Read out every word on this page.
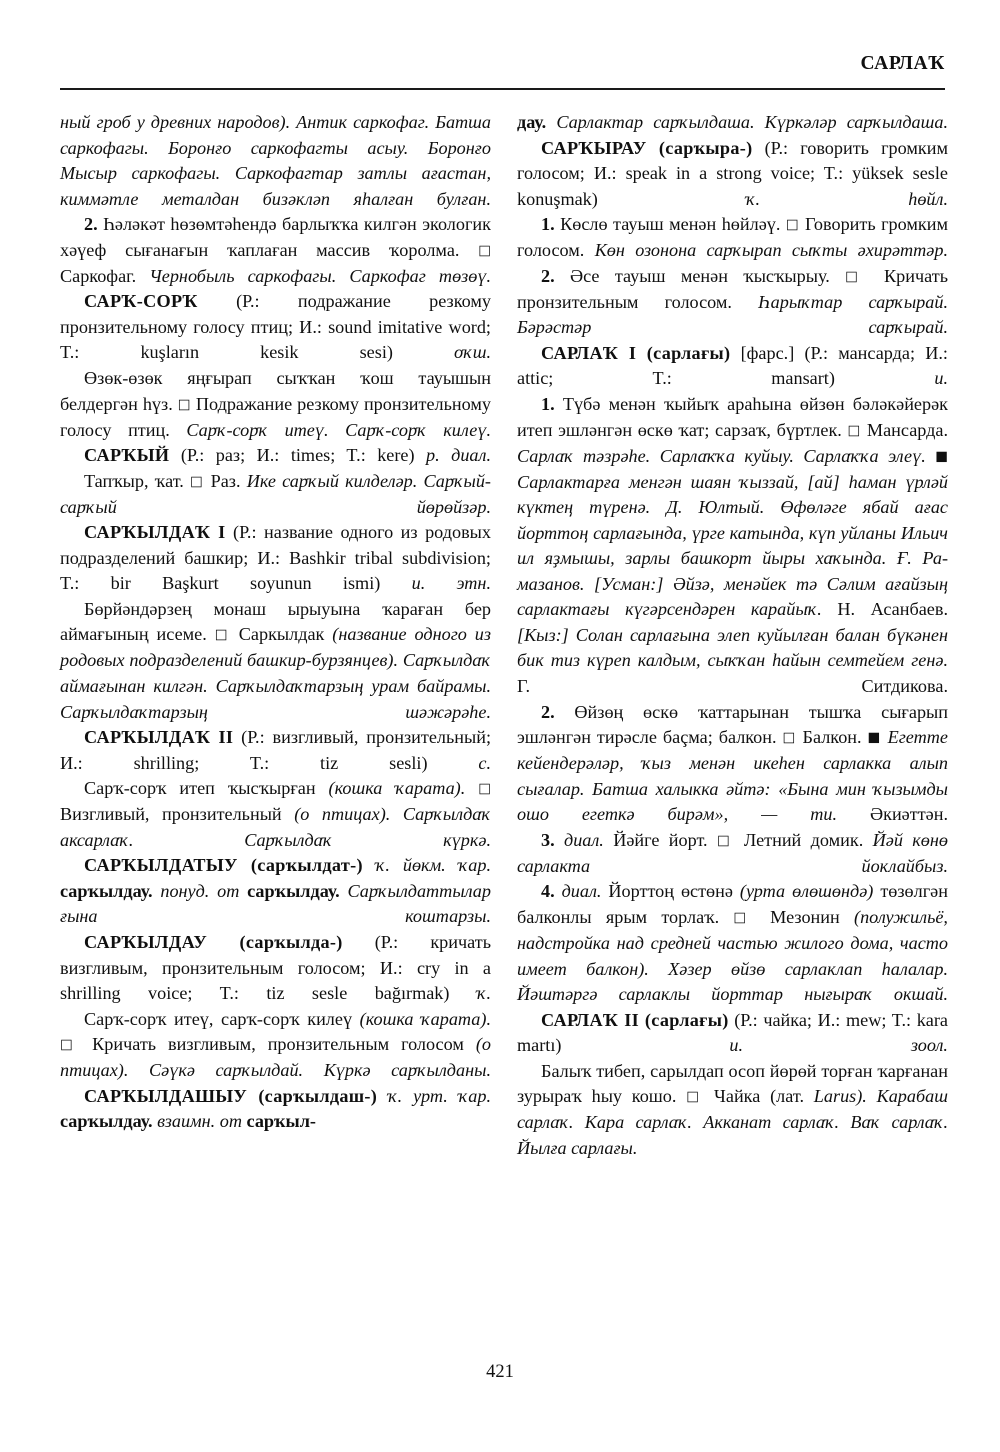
САРЛАҠ

ный гроб у древних народов). Антик саркофаг. Батша саркофагы. Боронғо саркофагты асыу. Боронғо Мысыр саркофагы. Саркофагтар затлы ағастан, киммəтле металдан бизəклəп яһалған булған.

2. Һəлəкəт һөзөмтəһендə барлыҡҡа килгəн экологик хəүеф сығанағын ҡаплаған массив ҡоролма. □ Саркофаг. Чернобыль саркофагы. Саркофаг төзөү.

САРҠ-СОРҠ (Р.: подражание резкому пронзительному голосу птиц; И.: sound imitative word; T.: kuşların kesik sesi) оҡш.

Өзөк-өзөк яңғырап сыҡҡан ҡош тауышын белдергəн һүз. □ Подражание резкому пронзительному голосу птиц. Сарҡ-сорҡ итеү. Сарҡ-сорҡ килеү.

САРҠЫЙ (Р.: раз; И.: times; T.: kere) р. диал.

Тапҡыр, ҡат. □ Раз. Ике сарҡый килделəр. Сарҡый-сарҡый йөрөйзəр.

САРҠЫЛДАҠ I (Р.: название одного из родовых подразделений башкир; И.: Bashkir tribal subdivision; T.: bir Başkurt soyunun ismi) и. этн.

Бөрйəндəрзең монаш ырыуына ҡараған бер аймағының исеме. □ Саркылдак (название одного из родовых подразделений башкир-бурзянцев). Сарҡылдаҡ аймағынан килгəн. Сарҡылдаҡтарзың урам байрамы. Сарҡылдаҡтарзың шəжəрəһе.

САРҠЫЛДАҠ II (Р.: визгливый, пронзительный; И.: shrilling; T.: tiz sesli) с.

Сарҡ-сорҡ итеп ҡысҡырған (кошка ҡарата). □ Визгливый, пронзительный (о птицах). Сарҡылдаҡ аксарлаҡ. Сарҡылдаҡ күркə.

САРҠЫЛДАТЫУ (сарҡылдат-) ҡ. йөкм. ҡар. сарҡылдау. понуд. от сарҡылдау. Сарҡылдаттылар ғына коштарзы.

САРҠЫЛДАУ (сарҡылда-) (Р.: кричать визгливым, пронзительным голосом; И.: cry in a shrilling voice; T.: tiz sesle bağırmak) ҡ.

Сарҡ-сорҡ итеү, сарҡ-сорҡ килеү (кошка ҡарата). □ Кричать визгливым, пронзительным голосом (о птицах). Сəүкə сарҡылдай. Күркə сарҡылданы.

САРҠЫЛДАШЫУ (сарҡылдаш-) ҡ. урт. ҡар. сарҡылдау. взаимн. от сарҡыл-

дау. Сарлактар сарҡылдаша. Күркəлəр сарҡылдаша.

САРҠЫРАУ (сарҡыра-) (Р.: говорить громким голосом; И.: speak in a strong voice; T.: yüksek sesle konuşmak) ҡ. һөйл.

1. Көслө тауыш менəн һөйлəү. □ Говорить громким голосом. Көн озонона сарҡырап сыҡты əхирəттəр.

2. Əсе тауыш менəн ҡысҡырыу. □ Кричать пронзительным голосом. Һарыҡтар сарҡырай. Бəрəстəр сарҡырай.

САРЛАҠ I (сарлағы) [фарс.] (Р.: мансарда; И.: attic; T.: mansart) и.

1. Түбə менəн ҡыйыҡ араһына өйзөн бəлəкəйерəк итеп эшлəнгəн өскө ҡат; сарзаҡ, бүртлек. □ Мансарда. Сарлаҡ тəзрəһе. Сарлаҡҡа куйыу. Сарлаҡҡа элеү. ■ Сарлактарға менгəн шаян ҡыззай, [ай] һаман үрлəй күктең түренə. Д. Юлтый. Өфөлəге ябай ағас йорттоң сарлағында, үрге катында, күп уйланы Ильич ил яҙмышы, зарлы башкорт йыры хаҡында. Ғ. Рамазанов. [Усман:] Əйзə, менəйек тə Сəлим ағайзың сарлактағы күгəрсендəрен карайыҡ. Н. Асанбаев. [Кыз:] Солан сарлағына элеп куйылған балан бүкəнен бик тиз күреп калдым, сыҡҡан һайын семтейем генə. Г. Ситдикова.

2. Өйзөң өскө ҡаттарынан тышҡа сығарып эшлəнгəн тирəсле баçма; балкон. □ Балкон. ■ Егетте кейендерəлəр, ҡыз менəн икеһен сарлакка алып сығалар. Батша халыкка əйтə: «Бына мин ҡызымды ошо егеткə бирəм», — ти. Əкиəттəн.

3. диал. Йəйге йорт. □ Летний домик. Йəй көнө сарлакта йоклайбыз.

4. диал. Йорттоң өстөнə (урта өлөшөндə) төзөлгəн балконлы ярым торлаҡ. □ Мезонин (полужильё, надстройка над средней частью жилого дома, часто имеет балкон). Хəзер өйзө сарлаклап һалалар. Йəштəргə сарлаклы йорттар нығыраҡ окшай.

САРЛАҠ II (сарлағы) (Р.: чайка; И.: mew; T.: kara martı) и. зоол.

Балыҡ тибеп, сарылдап осоп йөрөй торған ҡарғанан зурыраҡ һыу кошо. □ Чайка (лат. Larus). Карабаш сарлаҡ. Кара сарлаҡ. Акканат сарлаҡ. Ваҡ сарлаҡ. Йылға сарлағы.

421
